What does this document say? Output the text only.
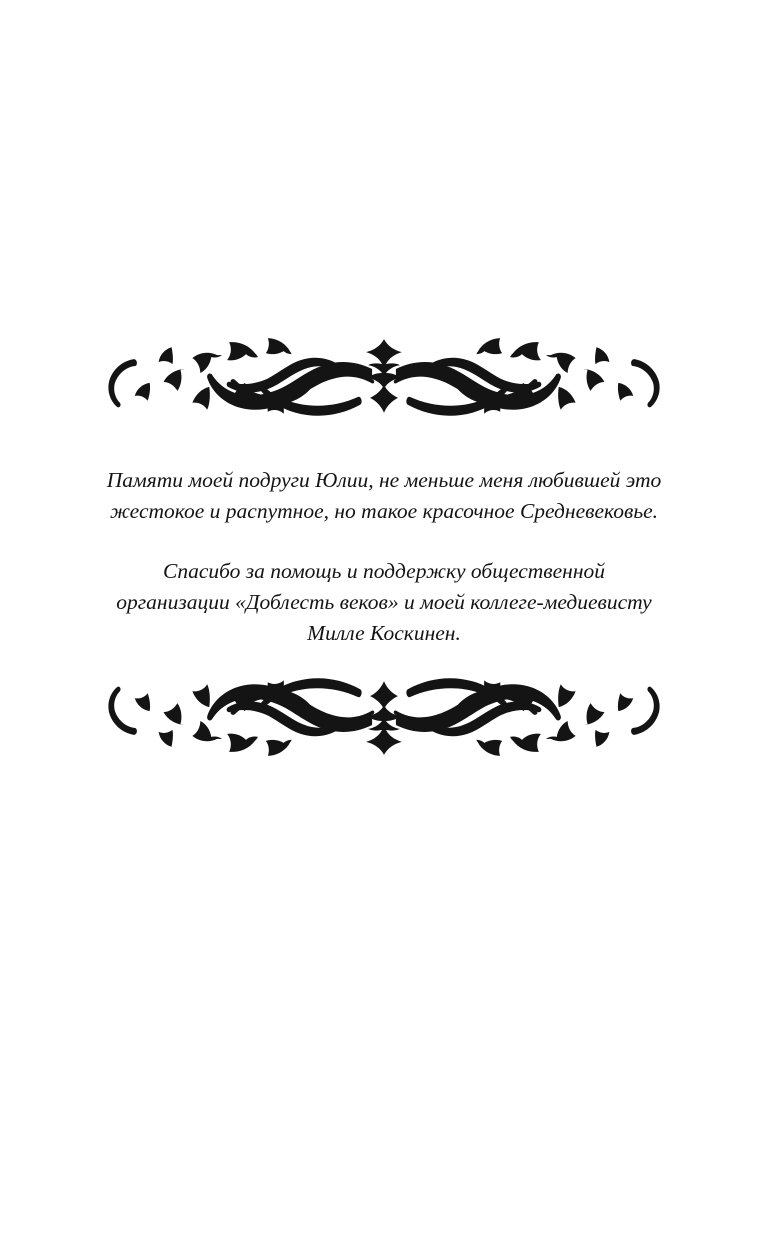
Памяти моей подруги Юлии, не меньше меня любившей это жестокое и распутное, но такое красочное Средневековье.

Спасибо за помощь и поддержку общественной организации «Доблесть веков» и моей коллеге-медиевисту Милле Коскинен.
